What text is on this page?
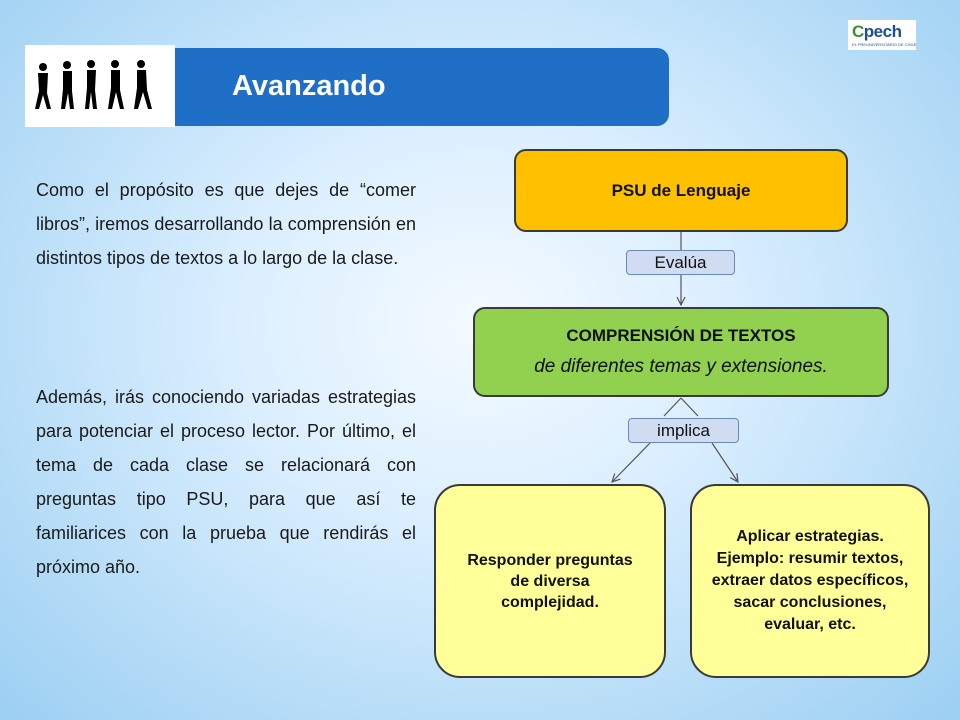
Cpech
EL PREUNIVERSITARIO DE CHILE
Avanzando
Como el propósito es que dejes de “comer libros”, iremos desarrollando la comprensión en distintos tipos de textos a lo largo de la clase.
Además, irás conociendo variadas estrategias para potenciar el proceso lector. Por último, el tema de cada clase se relacionará con preguntas tipo PSU, para que así te familiarices con la prueba que rendirás el próximo año.
PSU de Lenguaje
Evalúa
COMPRENSIÓN DE TEXTOS
de diferentes temas y extensiones.
implica
Responder preguntas de diversa complejidad.
Aplicar estrategias. Ejemplo: resumir textos, extraer datos específicos, sacar conclusiones, evaluar, etc.
